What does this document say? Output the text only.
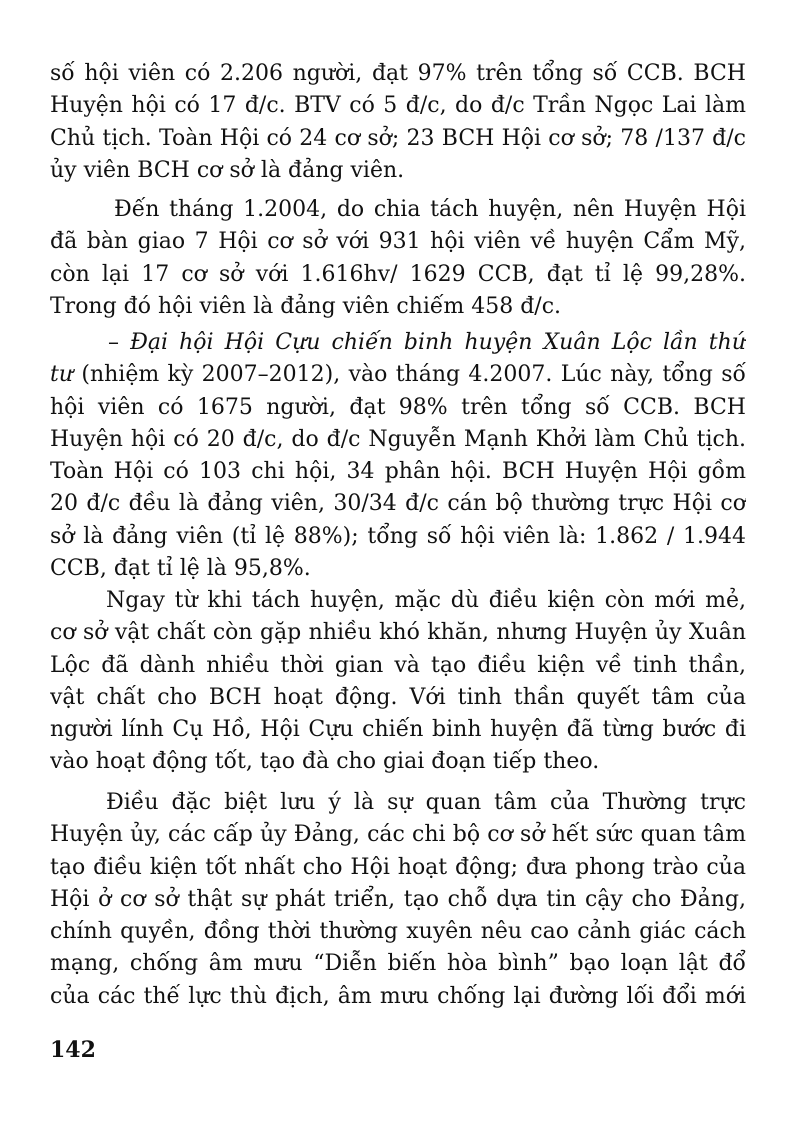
số hội viên có 2.206 người, đạt 97% trên tổng số CCB. BCH
Huyện hội có 17 đ/c. BTV có 5 đ/c, do đ/c Trần Ngọc Lai làm
Chủ tịch. Toàn Hội có 24 cơ sở; 23 BCH Hội cơ sở; 78 /137 đ/c
ủy viên BCH cơ sở là đảng viên.
Đến tháng 1.2004, do chia tách huyện, nên Huyện Hội
đã bàn giao 7 Hội cơ sở với 931 hội viên về huyện Cẩm Mỹ,
còn lại 17 cơ sở với 1.616hv/ 1629 CCB, đạt tỉ lệ 99,28%.
Trong đó hội viên là đảng viên chiếm 458 đ/c.
– Đại hội Hội Cựu chiến binh huyện Xuân Lộc lần thứ
tư (nhiệm kỳ 2007–2012), vào tháng 4.2007. Lúc này, tổng số
hội viên có 1675 người, đạt 98% trên tổng số CCB. BCH
Huyện hội có 20 đ/c, do đ/c Nguyễn Mạnh Khởi làm Chủ tịch.
Toàn Hội có 103 chi hội, 34 phân hội. BCH Huyện Hội gồm
20 đ/c đều là đảng viên, 30/34 đ/c cán bộ thường trực Hội cơ
sở là đảng viên (tỉ lệ 88%); tổng số hội viên là: 1.862 / 1.944
CCB, đạt tỉ lệ là 95,8%.
Ngay từ khi tách huyện, mặc dù điều kiện còn mới mẻ,
cơ sở vật chất còn gặp nhiều khó khăn, nhưng Huyện ủy Xuân
Lộc đã dành nhiều thời gian và tạo điều kiện về tinh thần,
vật chất cho BCH hoạt động. Với tinh thần quyết tâm của
người lính Cụ Hồ, Hội Cựu chiến binh huyện đã từng bước đi
vào hoạt động tốt, tạo đà cho giai đoạn tiếp theo.
Điều đặc biệt lưu ý là sự quan tâm của Thường trực
Huyện ủy, các cấp ủy Đảng, các chi bộ cơ sở hết sức quan tâm
tạo điều kiện tốt nhất cho Hội hoạt động; đưa phong trào của
Hội ở cơ sở thật sự phát triển, tạo chỗ dựa tin cậy cho Đảng,
chính quyền, đồng thời thường xuyên nêu cao cảnh giác cách
mạng, chống âm mưu “Diễn biến hòa bình” bạo loạn lật đổ
của các thế lực thù địch, âm mưu chống lại đường lối đổi mới
142
